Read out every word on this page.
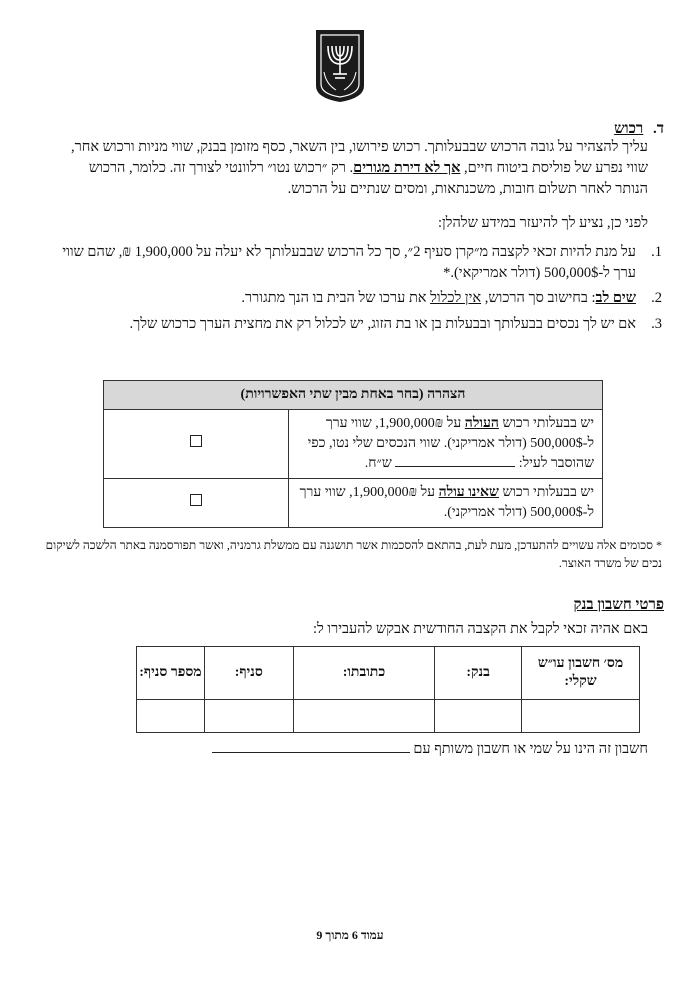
ד. רכוש
עליך להצהיר על גובה הרכוש שבבעלותך. רכוש פירושו, בין השאר, כסף מזומן בבנק, שווי מניות ורכוש אחר, שווי נפרע של פוליסת ביטוח חיים, אך לא דירת מגורים. רק ״רכוש נטו״ רלוונטי לצורך זה. כלומר, הרכוש הנותר לאחר תשלום חובות, משכנתאות, ומסים שנתיים על הרכוש.
לפני כן, נציע לך להיעזר במידע שלהלן:
1.
על מנת להיות זכאי לקצבה מ״קרן סעיף 2״, סך כל הרכוש שבבעלותך לא יעלה על 1,900,000 ₪, שהם שווי ערך ל-500,000$ (דולר אמריקאי).*
2.
שים לב: בחישוב סך הרכוש, אין לכלול את ערכו של הבית בו הנך מתגורר.
3.
אם יש לך נכסים בבעלותך ובבעלות בן או בת הזוג, יש לכלול רק את מחצית הערך כרכוש שלך.
הצהרה (בחר באחת מבין שתי האפשרויות)	
יש בבעלותי רכוש העולה על 1,900,000₪, שווי ערך ל-500,000$ (דולר אמריקני). שווי הנכסים שלי נטו, כפי שהוסבר לעיל:  ש״ח.	
יש בבעלותי רכוש שאינו עולה על 1,900,000₪, שווי ערך ל-500,000$ (דולר אמריקני).	
* סכומים אלה עשויים להתעדכן, מעת לעת, בהתאם להסכמות אשר תושגנה עם ממשלת גרמניה, ואשר תפורסמנה באתר הלשכה לשיקום נכים של משרד האוצר.
פרטי חשבון בנק
באם אהיה זכאי לקבל את הקצבה החודשית אבקש להעבירו ל:
מס׳ חשבון עו״ש שקלי:	בנק:	כתובתו:	סניף:	מספר סניף:

חשבון זה הינו על שמי או חשבון משותף עם
עמוד 6 מתוך 9
